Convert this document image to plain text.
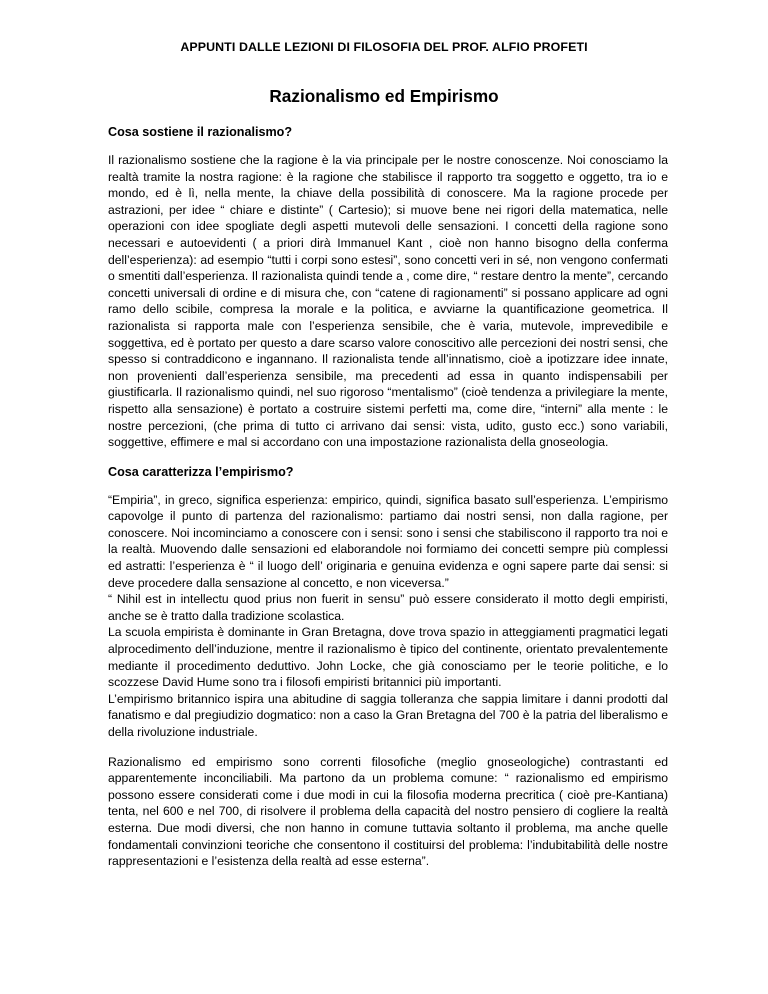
APPUNTI DALLE LEZIONI DI FILOSOFIA DEL PROF. ALFIO PROFETI
Razionalismo ed Empirismo
Cosa sostiene il razionalismo?

Il razionalismo sostiene che la ragione è la via principale per le nostre conoscenze. Noi conosciamo la realtà tramite la nostra ragione: è la ragione che stabilisce il rapporto tra soggetto e oggetto, tra io e mondo, ed è lì, nella mente, la chiave della possibilità di conoscere. Ma la ragione procede per astrazioni, per idee “ chiare e distinte” ( Cartesio); si muove bene nei rigori della matematica, nelle operazioni con idee spogliate degli aspetti mutevoli delle sensazioni. I concetti della ragione sono necessari e autoevidenti ( a priori dirà Immanuel Kant , cioè non hanno bisogno della conferma dell’esperienza): ad esempio “tutti i corpi sono estesi”, sono concetti veri in sé, non vengono confermati o smentiti dall’esperienza. Il razionalista quindi tende a , come dire, “ restare dentro la mente”, cercando concetti universali di ordine e di misura che, con “catene di ragionamenti” si possano applicare ad ogni ramo dello scibile, compresa la morale e la politica, e avviarne la quantificazione geometrica. Il razionalista si rapporta male con l’esperienza sensibile, che è varia, mutevole, imprevedibile e soggettiva, ed è portato per questo a dare scarso valore conoscitivo alle percezioni dei nostri sensi, che spesso si contraddicono e ingannano. Il razionalista tende all’innatismo, cioè a ipotizzare idee innate, non provenienti dall’esperienza sensibile, ma precedenti ad essa in quanto indispensabili per giustificarla. Il razionalismo quindi, nel suo rigoroso “mentalismo” (cioè tendenza a privilegiare la mente, rispetto alla sensazione) è portato a costruire sistemi perfetti ma, come dire, “interni” alla mente : le nostre percezioni, (che prima di tutto ci arrivano dai sensi: vista, udito, gusto ecc.) sono variabili, soggettive, effimere e mal si accordano con una impostazione razionalista della gnoseologia.

Cosa caratterizza l’empirismo?

“Empiria”, in greco, significa esperienza: empirico, quindi, significa basato sull’esperienza. L’empirismo capovolge il punto di partenza del razionalismo: partiamo dai nostri sensi, non dalla ragione, per conoscere. Noi incominciamo a conoscere con i sensi: sono i sensi che stabiliscono il rapporto tra noi e la realtà. Muovendo dalle sensazioni ed elaborandole noi formiamo dei concetti sempre più complessi ed astratti: l’esperienza è “ il luogo dell’ originaria e genuina evidenza e ogni sapere parte dai sensi: si deve procedere dalla sensazione al concetto, e non viceversa.”

“ Nihil est in intellectu quod prius non fuerit in sensu” può essere considerato il motto degli empiristi, anche se è tratto dalla tradizione scolastica.

La scuola empirista è dominante in Gran Bretagna, dove trova spazio in atteggiamenti pragmatici legati alprocedimento dell’induzione, mentre il razionalismo è tipico del continente, orientato prevalentemente mediante il procedimento deduttivo. John Locke, che già conosciamo per le teorie politiche, e lo scozzese David Hume sono tra i filosofi empiristi britannici più importanti.

L’empirismo britannico ispira una abitudine di saggia tolleranza che sappia limitare i danni prodotti dal fanatismo e dal pregiudizio dogmatico: non a caso la Gran Bretagna del 700 è la patria del liberalismo e della rivoluzione industriale.

Razionalismo ed empirismo sono correnti filosofiche (meglio gnoseologiche) contrastanti ed apparentemente inconciliabili. Ma partono da un problema comune: “ razionalismo ed empirismo possono essere considerati come i due modi in cui la filosofia moderna precritica ( cioè pre-Kantiana) tenta, nel 600 e nel 700, di risolvere il problema della capacità del nostro pensiero di cogliere la realtà esterna. Due modi diversi, che non hanno in comune tuttavia soltanto il problema, ma anche quelle fondamentali convinzioni teoriche che consentono il costituirsi del problema: l’indubitabilità delle nostre rappresentazioni e l’esistenza della realtà ad esse esterna”.
